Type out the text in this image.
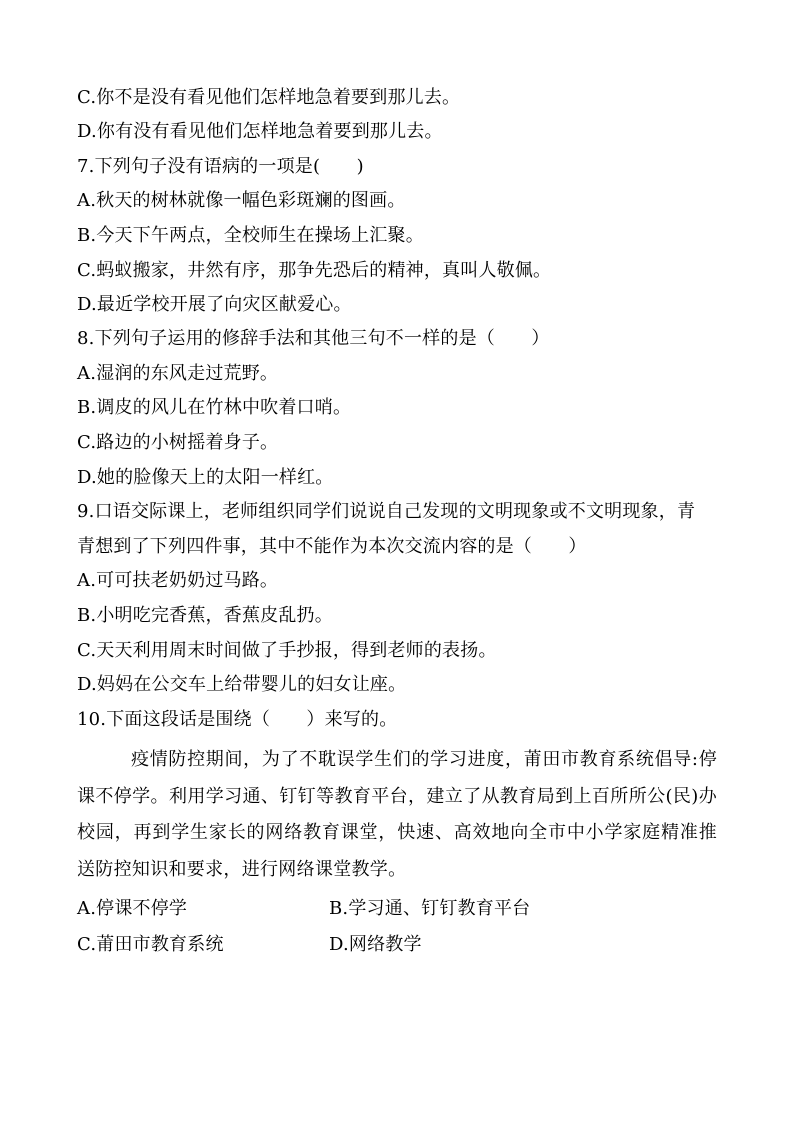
C.你不是没有看见他们怎样地急着要到那儿去。
D.你有没有看见他们怎样地急着要到那儿去。
7.下列句子没有语病的一项是(　　)
A.秋天的树林就像一幅色彩斑斓的图画。
B.今天下午两点，全校师生在操场上汇聚。
C.蚂蚁搬家，井然有序，那争先恐后的精神，真叫人敬佩。
D.最近学校开展了向灾区献爱心。
8.下列句子运用的修辞手法和其他三句不一样的是（　　）
A.湿润的东风走过荒野。
B.调皮的风儿在竹林中吹着口哨。
C.路边的小树摇着身子。
D.她的脸像天上的太阳一样红。
9.口语交际课上，老师组织同学们说说自己发现的文明现象或不文明现象，青
青想到了下列四件事，其中不能作为本次交流内容的是（　　）
A.可可扶老奶奶过马路。
B.小明吃完香蕉，香蕉皮乱扔。
C.天天利用周末时间做了手抄报，得到老师的表扬。
D.妈妈在公交车上给带婴儿的妇女让座。
10.下面这段话是围绕（　　）来写的。
疫情防控期间，为了不耽误学生们的学习进度，莆田市教育系统倡导:停课不停学。利用学习通、钉钉等教育平台，建立了从教育局到上百所所公(民)办校园，再到学生家长的网络教育课堂，快速、高效地向全市中小学家庭精准推送防控知识和要求，进行网络课堂教学。
A.停课不停学	B.学习通、钉钉教育平台
C.莆田市教育系统	D.网络教学
